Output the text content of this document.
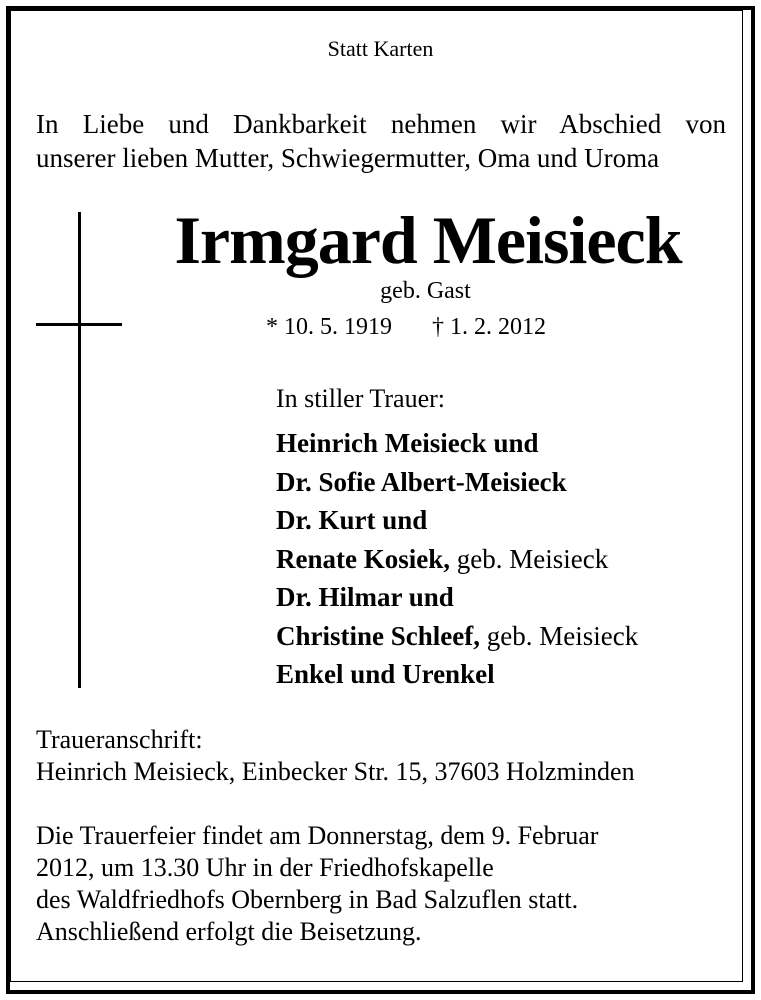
Statt Karten
In Liebe und Dankbarkeit nehmen wir Abschied von
unserer lieben Mutter, Schwiegermutter, Oma und Uroma
Irmgard Meisieck
geb. Gast
* 10. 5. 1919 † 1. 2. 2012
In stiller Trauer:
Heinrich Meisieck und
Dr. Sofie Albert-Meisieck
Dr. Kurt und
Renate Kosiek, geb. Meisieck
Dr. Hilmar und
Christine Schleef, geb. Meisieck
Enkel und Urenkel
Traueranschrift:
Heinrich Meisieck, Einbecker Str. 15, 37603 Holzminden
Die Trauerfeier findet am Donnerstag, dem 9. Februar
2012, um 13.30 Uhr in der Friedhofskapelle
des Waldfriedhofs Obernberg in Bad Salzuflen statt.
Anschließend erfolgt die Beisetzung.
